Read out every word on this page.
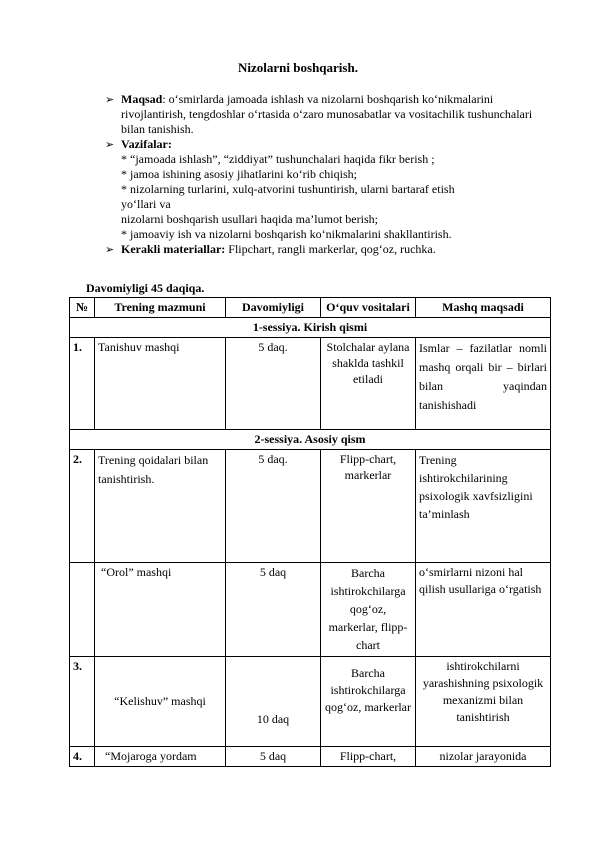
Nizolarni boshqarish.

➢ Maqsad: o‘smirlarda jamoada ishlash va nizolarni boshqarish ko‘nikmalarini rivojlantirish, tengdoshlar o‘rtasida o‘zaro munosabatlar va vositachilik tushunchalari bilan tanishish.

➢ Vazifalar:

* “jamoada ishlash”, “ziddiyat” tushunchalari haqida fikr berish ;
* jamoa ishining asosiy jihatlarini ko‘rib chiqish;
* nizolarning turlarini, xulq-atvorini tushuntirish, ularni bartaraf etish
yo‘llari va
nizolarni boshqarish usullari haqida ma’lumot berish;
* jamoaviy ish va nizolarni boshqarish ko‘nikmalarini shakllantirish.

➢ Kerakli materiallar: Flipchart, rangli markerlar, qog‘oz, ruchka.

Davomiyligi 45 daqiqa.
№	Trening mazmuni	Davomiyligi	O‘quv vositalari	Mashq maqsadi
1-sessiya. Kirish qismi				
1.	Tanishuv mashqi	5 daq.	Stolchalar aylana shaklda tashkil etiladi	Ismlar – fazilatlar nomli mashq orqali bir – birlari bilan yaqindan tanishishadi
2-sessiya. Asosiy qism				
2.	Trening qoidalari bilan tanishtirish.	5 daq.	Flipp-chart, markerlar	Trening ishtirokchilarining psixologik xavfsizligini ta’minlash
	“Orol” mashqi	5 daq	Barcha ishtirokchilarga qog‘oz, markerlar, flipp-chart	o‘smirlarni nizoni hal qilish usullariga o‘rgatish
3.	“Kelishuv” mashqi	10 daq	Barcha ishtirokchilarga qog‘oz, markerlar	ishtirokchilarni yarashishning psixologik mexanizmi bilan tanishtirish
4.	“Mojaroga yordam	5 daq	Flipp-chart,	nizolar jarayonida
